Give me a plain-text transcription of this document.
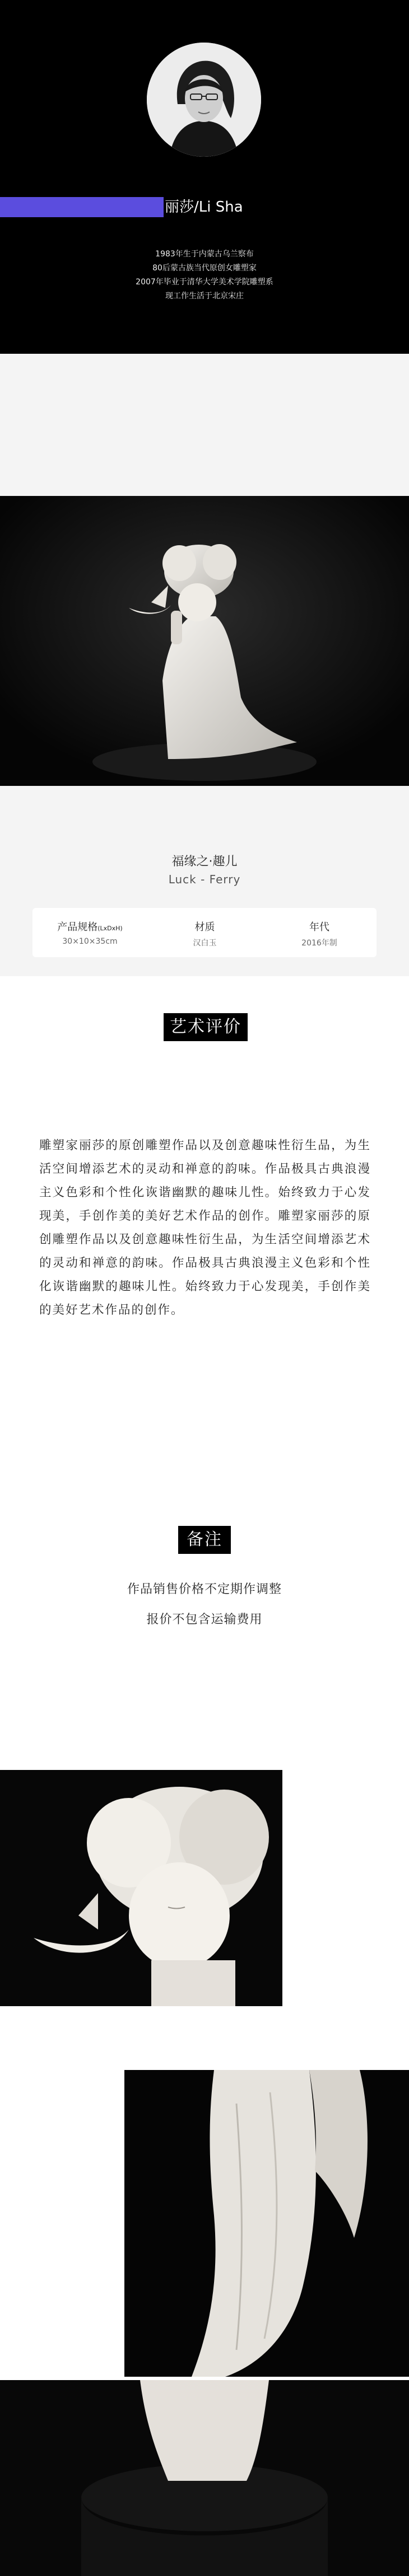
丽莎/Li Sha
1983年生于内蒙古乌兰察布
80后蒙古族当代原创女雕塑家
2007年毕业于清华大学美术学院雕塑系
现工作生活于北京宋庄
福缘之·趣儿
Luck - Ferry
产品规格(LxDxH)
30×10×35cm
材质
汉白玉
年代
2016年制
艺术评价
雕塑家丽莎的原创雕塑作品以及创意趣味性衍生品，为生活空间增添艺术的灵动和禅意的韵味。作品极具古典浪漫主义色彩和个性化诙谐幽默的趣味儿性。始终致力于心发现美，手创作美的美好艺术作品的创作。雕塑家丽莎的原创雕塑作品以及创意趣味性衍生品，为生活空间增添艺术的灵动和禅意的韵味。作品极具古典浪漫主义色彩和个性化诙谐幽默的趣味儿性。始终致力于心发现美，手创作美的美好艺术作品的创作。
备注
作品销售价格不定期作调整
报价不包含运输费用
